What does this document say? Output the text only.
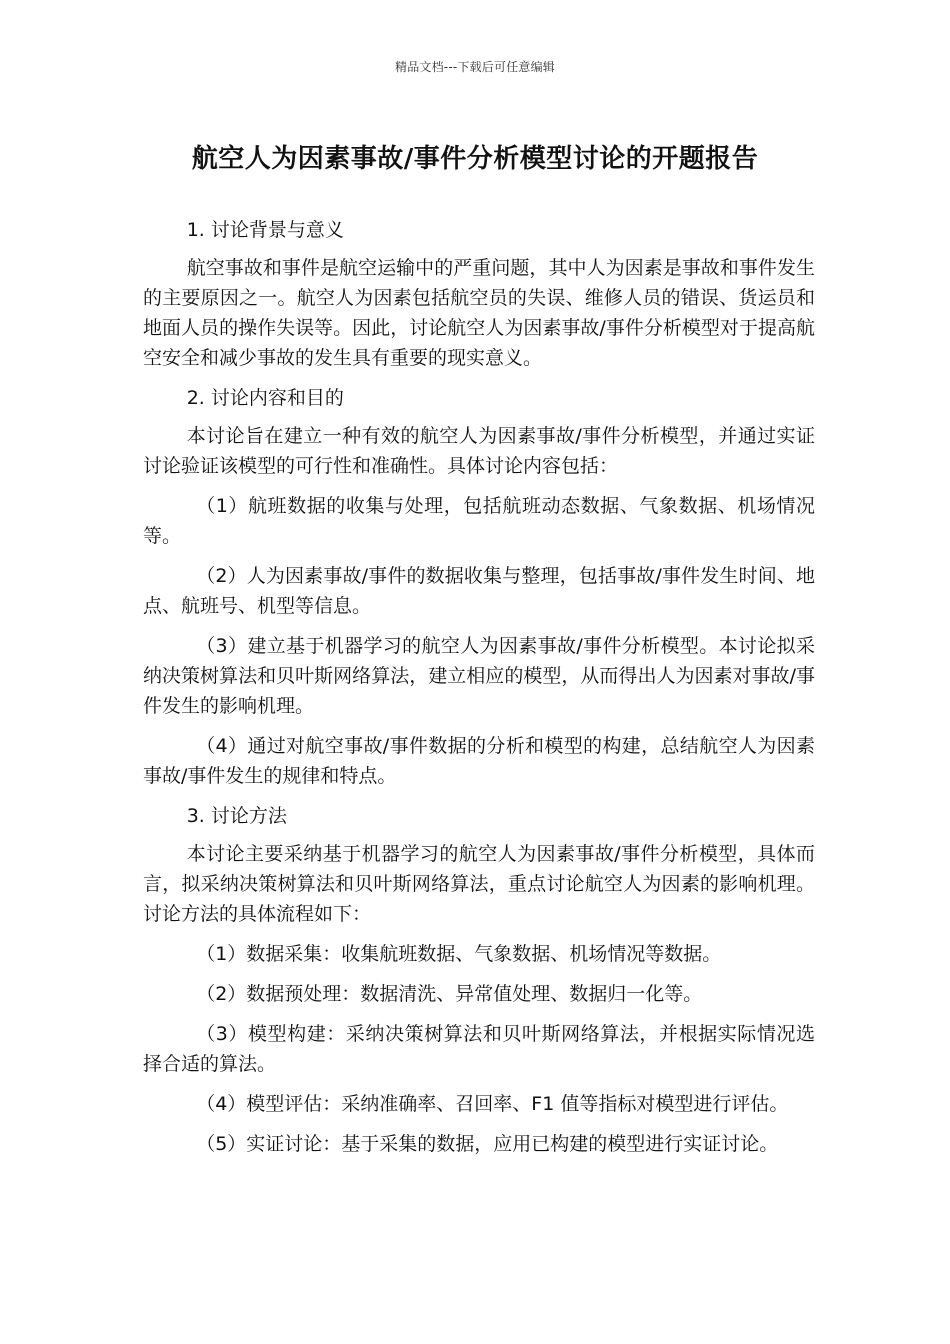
精品文档---下载后可任意编辑
航空人为因素事故/事件分析模型讨论的开题报告

1. 讨论背景与意义

航空事故和事件是航空运输中的严重问题，其中人为因素是事故和事件发生的主要原因之一。航空人为因素包括航空员的失误、维修人员的错误、货运员和地面人员的操作失误等。因此，讨论航空人为因素事故/事件分析模型对于提高航空安全和减少事故的发生具有重要的现实意义。

2. 讨论内容和目的

本讨论旨在建立一种有效的航空人为因素事故/事件分析模型，并通过实证讨论验证该模型的可行性和准确性。具体讨论内容包括：

（1）航班数据的收集与处理，包括航班动态数据、气象数据、机场情况等。

（2）人为因素事故/事件的数据收集与整理，包括事故/事件发生时间、地点、航班号、机型等信息。

（3）建立基于机器学习的航空人为因素事故/事件分析模型。本讨论拟采纳决策树算法和贝叶斯网络算法，建立相应的模型，从而得出人为因素对事故/事件发生的影响机理。

（4）通过对航空事故/事件数据的分析和模型的构建，总结航空人为因素事故/事件发生的规律和特点。

3. 讨论方法

本讨论主要采纳基于机器学习的航空人为因素事故/事件分析模型，具体而言，拟采纳决策树算法和贝叶斯网络算法，重点讨论航空人为因素的影响机理。讨论方法的具体流程如下：

（1）数据采集：收集航班数据、气象数据、机场情况等数据。

（2）数据预处理：数据清洗、异常值处理、数据归一化等。

（3）模型构建：采纳决策树算法和贝叶斯网络算法，并根据实际情况选择合适的算法。

（4）模型评估：采纳准确率、召回率、F1 值等指标对模型进行评估。

（5）实证讨论：基于采集的数据，应用已构建的模型进行实证讨论。
